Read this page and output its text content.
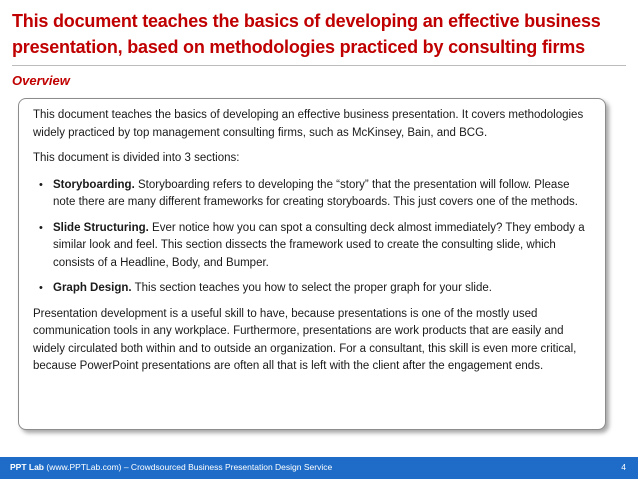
This document teaches the basics of developing an effective business presentation, based on methodologies practiced by consulting firms
Overview

This document teaches the basics of developing an effective business presentation. It covers methodologies widely practiced by top management consulting firms, such as McKinsey, Bain, and BCG.

This document is divided into 3 sections:

• Storyboarding. Storyboarding refers to developing the “story” that the presentation will follow. Please note there are many different frameworks for creating storyboards. This just covers one of the methods.
• Slide Structuring. Ever notice how you can spot a consulting deck almost immediately? They embody a similar look and feel. This section dissects the framework used to create the consulting slide, which consists of a Headline, Body, and Bumper.
• Graph Design. This section teaches you how to select the proper graph for your slide.

Presentation development is a useful skill to have, because presentations is one of the mostly used communication tools in any workplace. Furthermore, presentations are work products that are easily and widely circulated both within and to outside an organization. For a consultant, this skill is even more critical, because PowerPoint presentations are often all that is left with the client after the engagement ends.

PPT Lab (www.PPTLab.com) – Crowdsourced Business Presentation Design Service	4
